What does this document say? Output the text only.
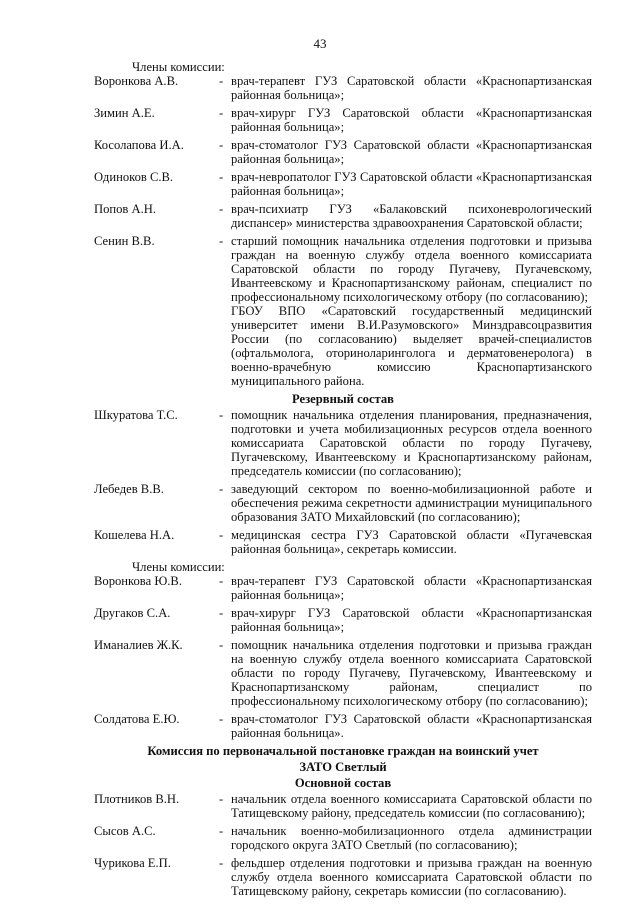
43
Члены комиссии:
Воронкова А.В.	- врач-терапевт ГУЗ Саратовской области «Краснопартизанская районная больница»;
Зимин А.Е.	- врач-хирург ГУЗ Саратовской области «Краснопартизанская районная больница»;
Косолапова И.А.	- врач-стоматолог ГУЗ Саратовской области «Краснопартизанская районная больница»;
Одиноков С.В.	- врач-невропатолог ГУЗ Саратовской области «Краснопартизанская районная больница»;
Попов А.Н.	- врач-психиатр ГУЗ «Балаковский психоневрологический диспансер» министерства здравоохранения Саратовской области;
Сенин В.В.	- старший помощник начальника отделения подготовки и призыва граждан на военную службу отдела военного комиссариата Саратовской области по городу Пугачеву, Пугачевскому, Ивантеевскому и Краснопартизанскому районам, специалист по профессиональному психологическому отбору (по согласованию);
ГБОУ ВПО «Саратовский государственный медицинский университет имени В.И.Разумовского» Минздравсоцразвития России (по согласованию) выделяет врачей-специалистов (офтальмолога, оториноларинголога и дерматовенеролога) в военно-врачебную комиссию Краснопартизанского муниципального района.
Резервный состав
Шкуратова Т.С.	- помощник начальника отделения планирования, предназначения, подготовки и учета мобилизационных ресурсов отдела военного комиссариата Саратовской области по городу Пугачеву, Пугачевскому, Ивантеевскому и Краснопартизанскому районам, председатель комиссии (по согласованию);
Лебедев В.В.	- заведующий сектором по военно-мобилизационной работе и обеспечения режима секретности администрации муниципального образования ЗАТО Михайловский (по согласованию);
Кошелева Н.А.	- медицинская сестра ГУЗ Саратовской области «Пугачевская районная больница», секретарь комиссии.
Члены комиссии:
Воронкова Ю.В.	- врач-терапевт ГУЗ Саратовской области «Краснопартизанская районная больница»;
Другаков С.А.	- врач-хирург ГУЗ Саратовской области «Краснопартизанская районная больница»;
Иманалиев Ж.К.	- помощник начальника отделения подготовки и призыва граждан на военную службу отдела военного комиссариата Саратовской области по городу Пугачеву, Пугачевскому, Ивантеевскому и Краснопартизанскому районам, специалист по профессиональному психологическому отбору (по согласованию);
Солдатова Е.Ю.	- врач-стоматолог ГУЗ Саратовской области «Краснопартизанская районная больница».
Комиссия по первоначальной постановке граждан на воинский учет
ЗАТО Светлый
Основной состав
Плотников В.Н.	- начальник отдела военного комиссариата Саратовской области по Татищевскому району, председатель комиссии (по согласованию);
Сысов А.С.	- начальник военно-мобилизационного отдела администрации городского округа ЗАТО Светлый (по согласованию);
Чурикова Е.П.	- фельдшер отделения подготовки и призыва граждан на военную службу отдела военного комиссариата Саратовской области по Татищевскому району, секретарь комиссии (по согласованию).
